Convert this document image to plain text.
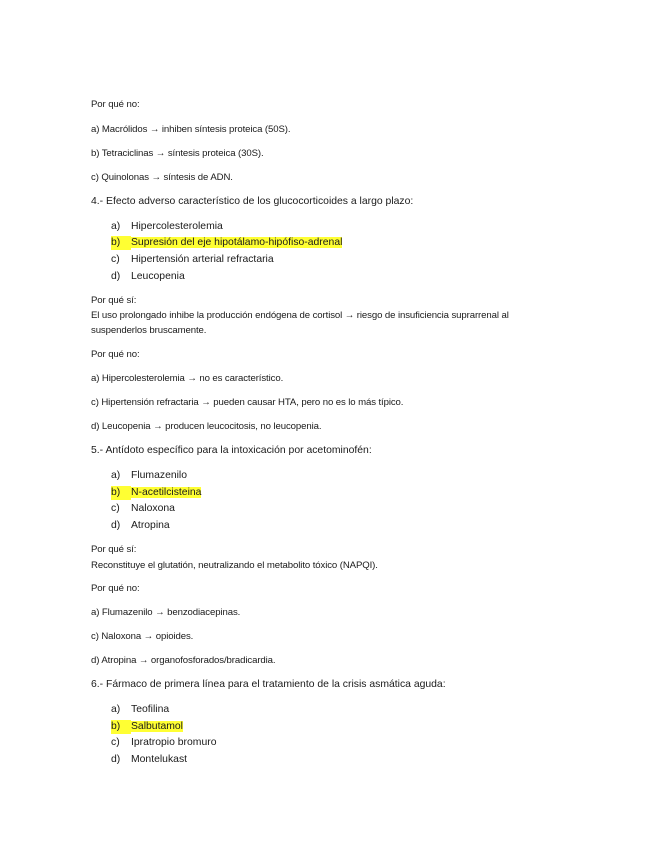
Por qué no:
a) Macrólidos → inhiben síntesis proteica (50S).
b) Tetraciclinas → síntesis proteica (30S).
c) Quinolonas → síntesis de ADN.
4.- Efecto adverso característico de los glucocorticoides a largo plazo:
a) Hipercolesterolemia
b) Supresión del eje hipotálamo-hipófiso-adrenal
c) Hipertensión arterial refractaria
d) Leucopenia
Por qué sí:
El uso prolongado inhibe la producción endógena de cortisol → riesgo de insuficiencia suprarrenal al
suspenderlos bruscamente.
Por qué no:
a) Hipercolesterolemia → no es característico.
c) Hipertensión refractaria → pueden causar HTA, pero no es lo más típico.
d) Leucopenia → producen leucocitosis, no leucopenia.
5.- Antídoto específico para la intoxicación por acetominofén:
a) Flumazenilo
b) N-acetilcisteina
c) Naloxona
d) Atropina
Por qué sí:
Reconstituye el glutatión, neutralizando el metabolito tóxico (NAPQI).
Por qué no:
a) Flumazenilo → benzodiacepinas.
c) Naloxona → opioides.
d) Atropina → organofosforados/bradicardia.
6.- Fármaco de primera línea para el tratamiento de la crisis asmática aguda:
a) Teofilina
b) Salbutamol
c) Ipratropio bromuro
d) Montelukast
